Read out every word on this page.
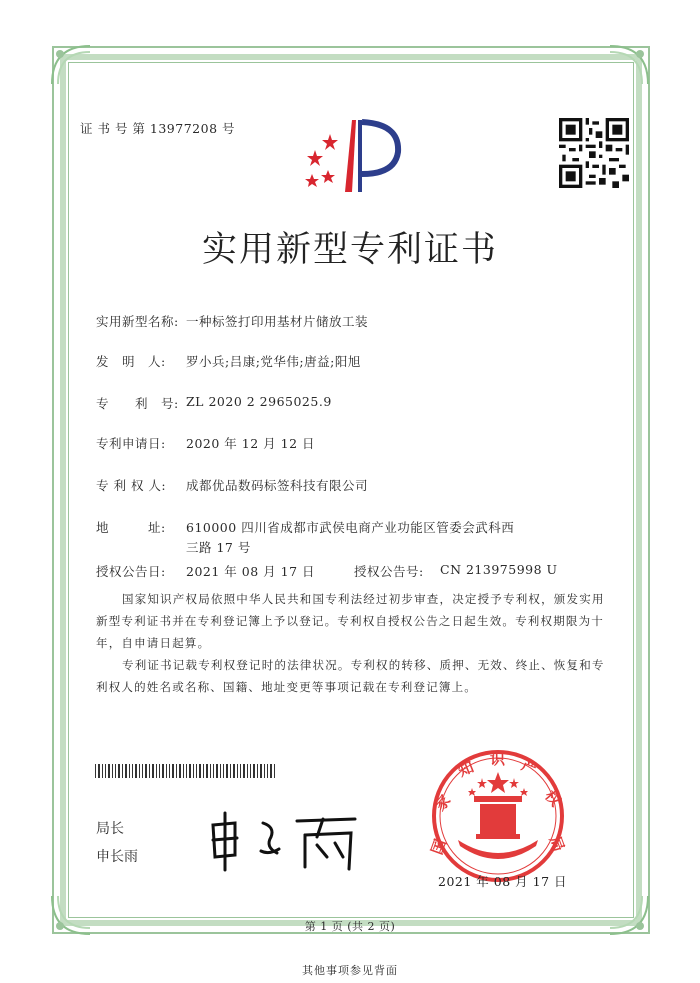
证 书 号 第 13977208 号
实用新型专利证书
实用新型名称: 一种标签打印用基材片储放工装
发　明　人: 罗小兵;吕康;党华伟;唐益;阳旭
专　　利　号: ZL 2020 2 2965025.9
专利申请日: 2020 年 12 月 12 日
专 利 权 人: 成都优品数码标签科技有限公司
地　　　址: 610000 四川省成都市武侯电商产业功能区管委会武科西
三路 17 号
授权公告日: 2021 年 08 月 17 日	授权公告号: CN 213975998 U
国家知识产权局依照中华人民共和国专利法经过初步审查，决定授予专利权，颁发实用新型专利证书并在专利登记簿上予以登记。专利权自授权公告之日起生效。专利权期限为十年，自申请日起算。
专利证书记载专利权登记时的法律状况。专利权的转移、质押、无效、终止、恢复和专利权人的姓名或名称、国籍、地址变更等事项记载在专利登记簿上。
局长
申长雨
国
家
知 识 产
权
局
2021 年 08 月 17 日
第 1 页 (共 2 页)
其他事项参见背面
